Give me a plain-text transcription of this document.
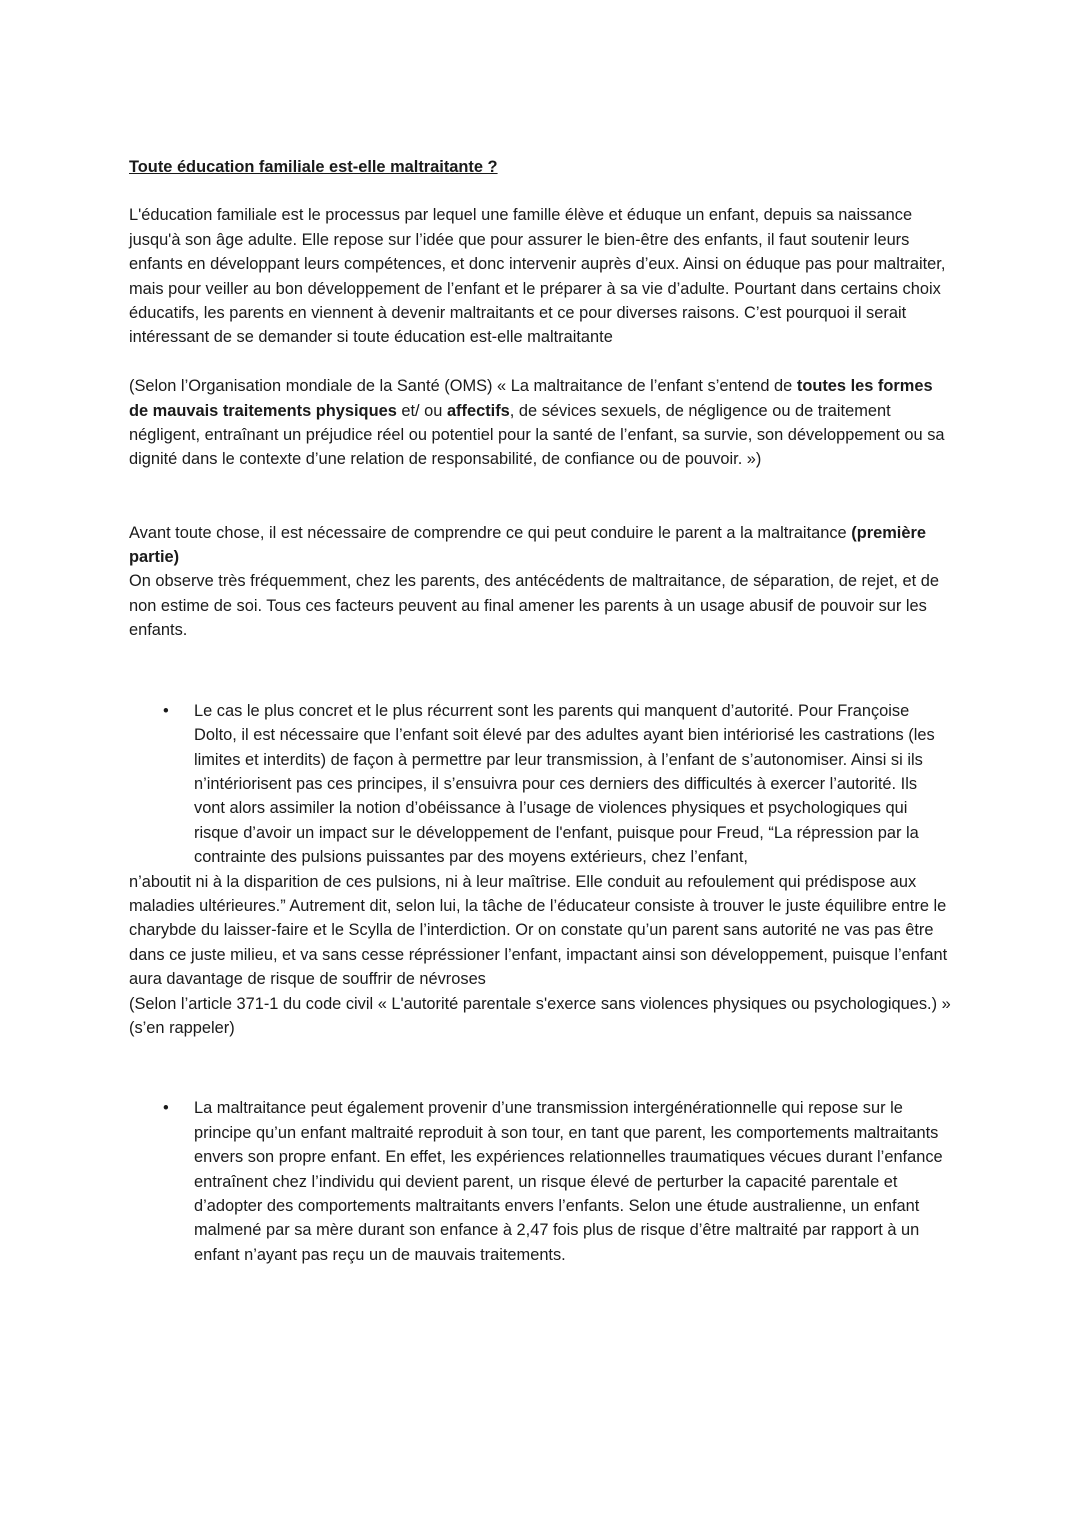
Toute éducation familiale est-elle maltraitante ?

L'éducation familiale est le processus par lequel une famille élève et éduque un enfant, depuis sa naissance jusqu'à son âge adulte. Elle repose sur l’idée que pour assurer le bien-être des enfants, il faut soutenir leurs enfants en développant leurs compétences, et donc intervenir auprès d’eux. Ainsi on éduque pas pour maltraiter, mais pour veiller au bon développement de l’enfant et le préparer à sa vie d’adulte. Pourtant dans certains choix éducatifs, les parents en viennent à devenir maltraitants et ce pour diverses raisons. C’est pourquoi il serait intéressant de se demander si toute éducation est-elle maltraitante

(Selon l’Organisation mondiale de la Santé (OMS) « La maltraitance de l’enfant s’entend de toutes les formes de mauvais traitements physiques et/ ou affectifs, de sévices sexuels, de négligence ou de traitement négligent, entraînant un préjudice réel ou potentiel pour la santé de l’enfant, sa survie, son développement ou sa dignité dans le contexte d’une relation de responsabilité, de confiance ou de pouvoir. »)

Avant toute chose, il est nécessaire de comprendre ce qui peut conduire le parent a la maltraitance (première partie)

On observe très fréquemment, chez les parents, des antécédents de maltraitance, de séparation, de rejet, et de non estime de soi. Tous ces facteurs peuvent au final amener les parents à un usage abusif de pouvoir sur les enfants.

• Le cas le plus concret et le plus récurrent sont les parents qui manquent d’autorité. Pour Françoise Dolto, il est nécessaire que l’enfant soit élevé par des adultes ayant bien intériorisé les castrations (les limites et interdits) de façon à permettre par leur transmission, à l’enfant de s’autonomiser. Ainsi si ils n’intériorisent pas ces principes, il s’ensuivra pour ces derniers des difficultés à exercer l’autorité. Ils vont alors assimiler la notion d’obéissance à l’usage de violences physiques et psychologiques qui risque d’avoir un impact sur le développement de l'enfant, puisque pour Freud, “La répression par la contrainte des pulsions puissantes par des moyens extérieurs, chez l’enfant,

n’aboutit ni à la disparition de ces pulsions, ni à leur maîtrise. Elle conduit au refoulement qui prédispose aux maladies ultérieures.” Autrement dit, selon lui, la tâche de l’éducateur consiste à trouver le juste équilibre entre le charybde du laisser-faire et le Scylla de l’interdiction. Or on constate qu’un parent sans autorité ne vas pas être dans ce juste milieu, et va sans cesse répréssioner l’enfant, impactant ainsi son développement, puisque l’enfant aura davantage de risque de souffrir de névroses

(Selon l’article 371-1 du code civil « L'autorité parentale s'exerce sans violences physiques ou psychologiques.) » (s’en rappeler)

• La maltraitance peut également provenir d’une transmission intergénérationnelle qui repose sur le principe qu’un enfant maltraité reproduit à son tour, en tant que parent, les comportements maltraitants envers son propre enfant. En effet, les expériences relationnelles traumatiques vécues durant l’enfance entraînent chez l’individu qui devient parent, un risque élevé de perturber la capacité parentale et d’adopter des comportements maltraitants envers l’enfants. Selon une étude australienne, un enfant malmené par sa mère durant son enfance à 2,47 fois plus de risque d’être maltraité par rapport à un enfant n’ayant pas reçu un de mauvais traitements.
